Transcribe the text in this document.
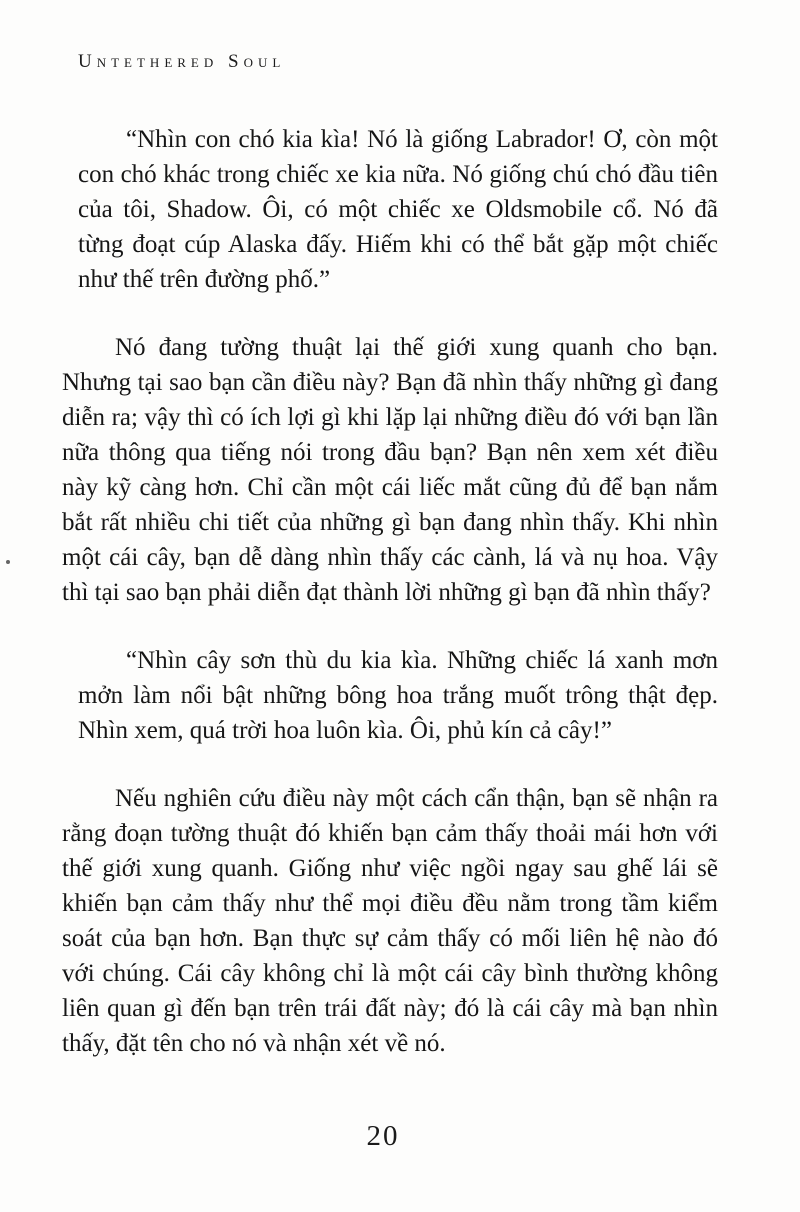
Untethered Soul

“Nhìn con chó kia kìa! Nó là giống Labrador! Ơ, còn một con chó khác trong chiếc xe kia nữa. Nó giống chú chó đầu tiên của tôi, Shadow. Ôi, có một chiếc xe Oldsmobile cổ. Nó đã từng đoạt cúp Alaska đấy. Hiếm khi có thể bắt gặp một chiếc như thế trên đường phố.”

Nó đang tường thuật lại thế giới xung quanh cho bạn. Nhưng tại sao bạn cần điều này? Bạn đã nhìn thấy những gì đang diễn ra; vậy thì có ích lợi gì khi lặp lại những điều đó với bạn lần nữa thông qua tiếng nói trong đầu bạn? Bạn nên xem xét điều này kỹ càng hơn. Chỉ cần một cái liếc mắt cũng đủ để bạn nắm bắt rất nhiều chi tiết của những gì bạn đang nhìn thấy. Khi nhìn một cái cây, bạn dễ dàng nhìn thấy các cành, lá và nụ hoa. Vậy thì tại sao bạn phải diễn đạt thành lời những gì bạn đã nhìn thấy?

“Nhìn cây sơn thù du kia kìa. Những chiếc lá xanh mơn mởn làm nổi bật những bông hoa trắng muốt trông thật đẹp. Nhìn xem, quá trời hoa luôn kìa. Ôi, phủ kín cả cây!”

Nếu nghiên cứu điều này một cách cẩn thận, bạn sẽ nhận ra rằng đoạn tường thuật đó khiến bạn cảm thấy thoải mái hơn với thế giới xung quanh. Giống như việc ngồi ngay sau ghế lái sẽ khiến bạn cảm thấy như thể mọi điều đều nằm trong tầm kiểm soát của bạn hơn. Bạn thực sự cảm thấy có mối liên hệ nào đó với chúng. Cái cây không chỉ là một cái cây bình thường không liên quan gì đến bạn trên trái đất này; đó là cái cây mà bạn nhìn thấy, đặt tên cho nó và nhận xét về nó.

20
